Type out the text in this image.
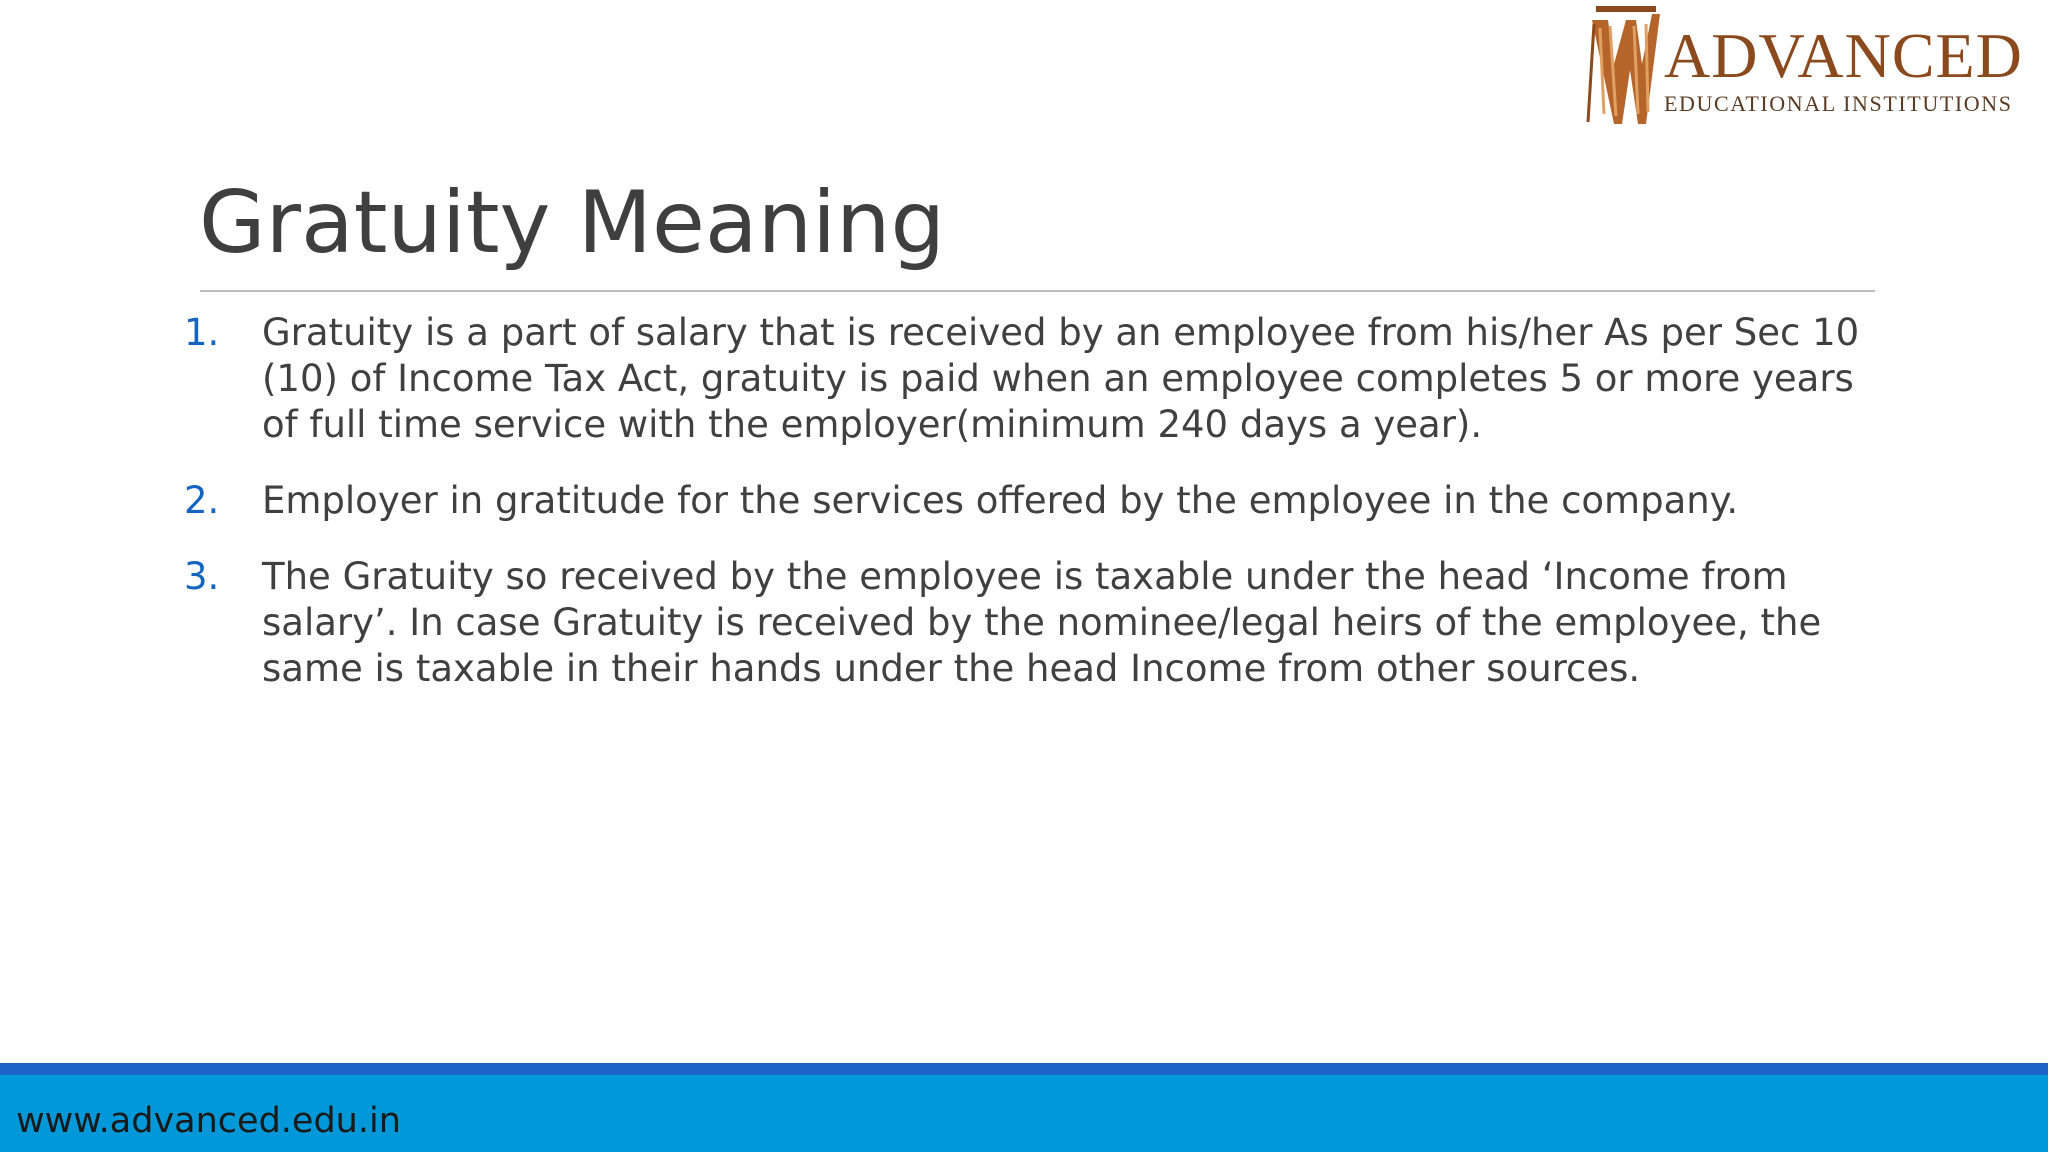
ADVANCED
EDUCATIONAL INSTITUTIONS
Gratuity Meaning
1. Gratuity is a part of salary that is received by an employee from his/her As per Sec 10 (10) of Income Tax Act, gratuity is paid when an employee completes 5 or more years of full time service with the employer(minimum 240 days a year).
2. Employer in gratitude for the services offered by the employee in the company.
3. The Gratuity so received by the employee is taxable under the head ‘Income from salary’. In case Gratuity is received by the nominee/legal heirs of the employee, the same is taxable in their hands under the head Income from other sources.
www.advanced.edu.in
